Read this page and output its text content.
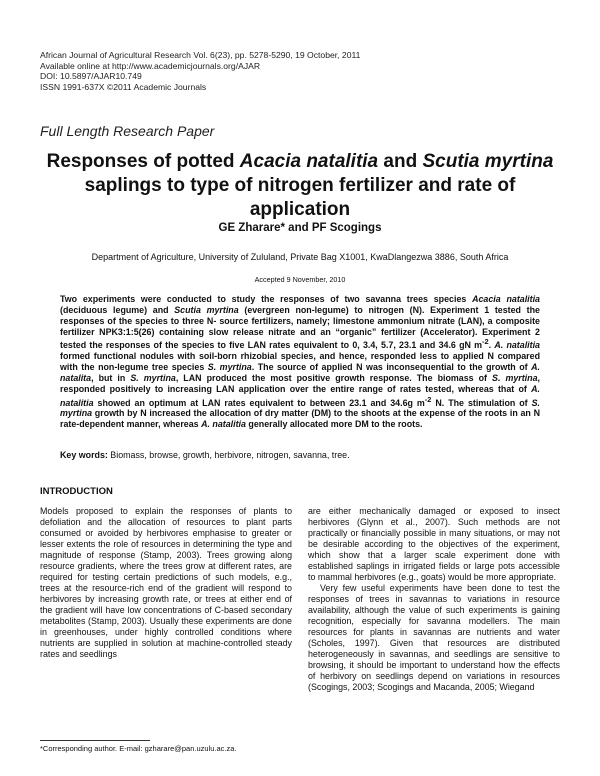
African Journal of Agricultural Research Vol. 6(23), pp. 5278-5290, 19 October, 2011
Available online at http://www.academicjournals.org/AJAR
DOI: 10.5897/AJAR10.749
ISSN 1991-637X ©2011 Academic Journals
Full Length Research Paper
Responses of potted Acacia natalitia and Scutia myrtina saplings to type of nitrogen fertilizer and rate of application
GE Zharare* and PF Scogings
Department of Agriculture, University of Zululand, Private Bag X1001, KwaDlangezwa 3886, South Africa
Accepted 9 November, 2010
Two experiments were conducted to study the responses of two savanna trees species Acacia natalitia (deciduous legume) and Scutia myrtina (evergreen non-legume) to nitrogen (N). Experiment 1 tested the responses of the species to three N- source fertilizers, namely; limestone ammonium nitrate (LAN), a composite fertilizer NPK3:1:5(26) containing slow release nitrate and an “organic” fertilizer (Accelerator). Experiment 2 tested the responses of the species to five LAN rates equivalent to 0, 3.4, 5.7, 23.1 and 34.6 gN $m^{-2}$. A. natalitia formed functional nodules with soil-born rhizobial species, and hence, responded less to applied N compared with the non-legume tree species S. myrtina. The source of applied N was inconsequential to the growth of A. natalita, but in S. myrtina, LAN produced the most positive growth response. The biomass of S. myrtina, responded positively to increasing LAN application over the entire range of rates tested, whereas that of A. natalitia showed an optimum at LAN rates equivalent to between 23.1 and 34.6g $m^{-2}$ N. The stimulation of S. myrtina growth by N increased the allocation of dry matter (DM) to the shoots at the expense of the roots in an N rate-dependent manner, whereas A. natalitia generally allocated more DM to the roots.
Key words: Biomass, browse, growth, herbivore, nitrogen, savanna, tree.
INTRODUCTION

Models proposed to explain the responses of plants to defoliation and the allocation of resources to plant parts consumed or avoided by herbivores emphasise to greater or lesser extents the role of resources in determining the type and magnitude of response (Stamp, 2003). Trees growing along resource gradients, where the trees grow at different rates, are required for testing certain predictions of such models, e.g., trees at the resource-rich end of the gradient will respond to herbivores by increasing growth rate, or trees at either end of the gradient will have low concentrations of C-based secondary metabolites (Stamp, 2003). Usually these experiments are done in greenhouses, under highly controlled conditions where nutrients are supplied in solution at machine-controlled steady rates and seedlings

are either mechanically damaged or exposed to insect herbivores (Glynn et al., 2007). Such methods are not practically or financially possible in many situations, or may not be desirable according to the objectives of the experiment, which show that a larger scale experiment done with established saplings in irrigated fields or large pots accessible to mammal herbivores (e.g., goats) would be more appropriate.

Very few useful experiments have been done to test the responses of trees in savannas to variations in resource availability, although the value of such experiments is gaining recognition, especially for savanna modellers. The main resources for plants in savannas are nutrients and water (Scholes, 1997). Given that resources are distributed heterogeneously in savannas, and seedlings are sensitive to browsing, it should be important to understand how the effects of herbivory on seedlings depend on variations in resources (Scogings, 2003; Scogings and Macanda, 2005; Wiegand

*Corresponding author. E-mail: gzharare@pan.uzulu.ac.za.
